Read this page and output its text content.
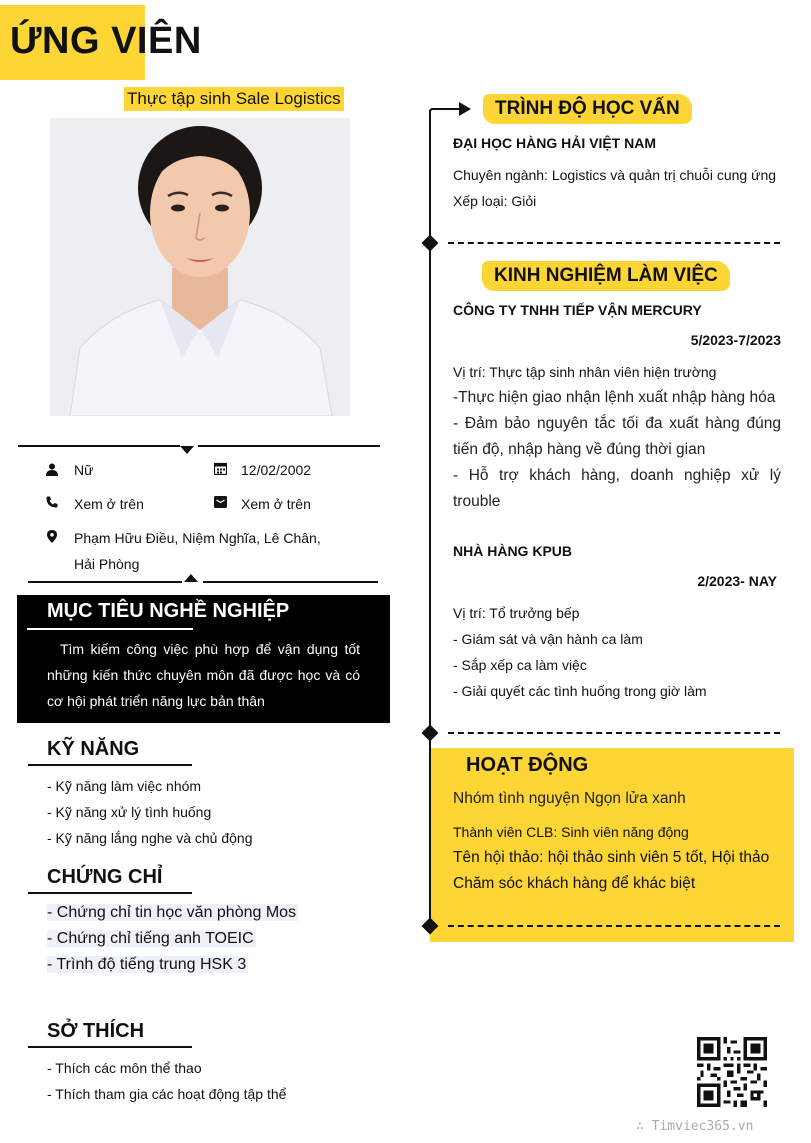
ỨNG VIÊN
Thực tập sinh Sale Logistics
Nữ	12/02/2002
Xem ở trên	Xem ở trên
Phạm Hữu Điều, Niệm Nghĩa, Lê Chân,
Hải Phòng
MỤC TIÊU NGHỀ NGHIỆP
Tìm kiếm công việc phù hợp để vận dụng tốt những kiến thức chuyên môn đã được học và có cơ hội phát triển năng lực bản thân
KỸ NĂNG
- Kỹ năng làm việc nhóm
- Kỹ năng xử lý tình huống
- Kỹ năng lắng nghe và chủ động
CHỨNG CHỈ
- Chứng chỉ tin học văn phòng Mos
- Chứng chỉ tiếng anh TOEIC
- Trình độ tiếng trung HSK 3
SỞ THÍCH
- Thích các môn thể thao
- Thích tham gia các hoạt động tập thể
TRÌNH ĐỘ HỌC VẤN
ĐẠI HỌC HÀNG HẢI VIỆT NAM
Chuyên ngành: Logistics và quản trị chuỗi cung ứng
Xếp loại: Giỏi
KINH NGHIỆM LÀM VIỆC
CÔNG TY TNHH TIẾP VẬN MERCURY
5/2023-7/2023
Vị trí: Thực tập sinh nhân viên hiện trường
-Thực hiện giao nhận lệnh xuất nhập hàng hóa
- Đảm bảo nguyên tắc tối đa xuất hàng đúng tiến độ, nhập hàng về đúng thời gian
- Hỗ trợ khách hàng, doanh nghiệp xử lý trouble
NHÀ HÀNG KPUB
2/2023- NAY
Vị trí: Tổ trưởng bếp
- Giám sát và vận hành ca làm
- Sắp xếp ca làm việc
- Giải quyết các tình huống trong giờ làm
HOẠT ĐỘNG
Nhóm tình nguyện Ngọn lửa xanh
Thành viên CLB: Sinh viên năng động
Tên hội thảo: hội thảo sinh viên 5 tốt, Hội thảo Chăm sóc khách hàng để khác biệt
∴ Timviec365.vn
